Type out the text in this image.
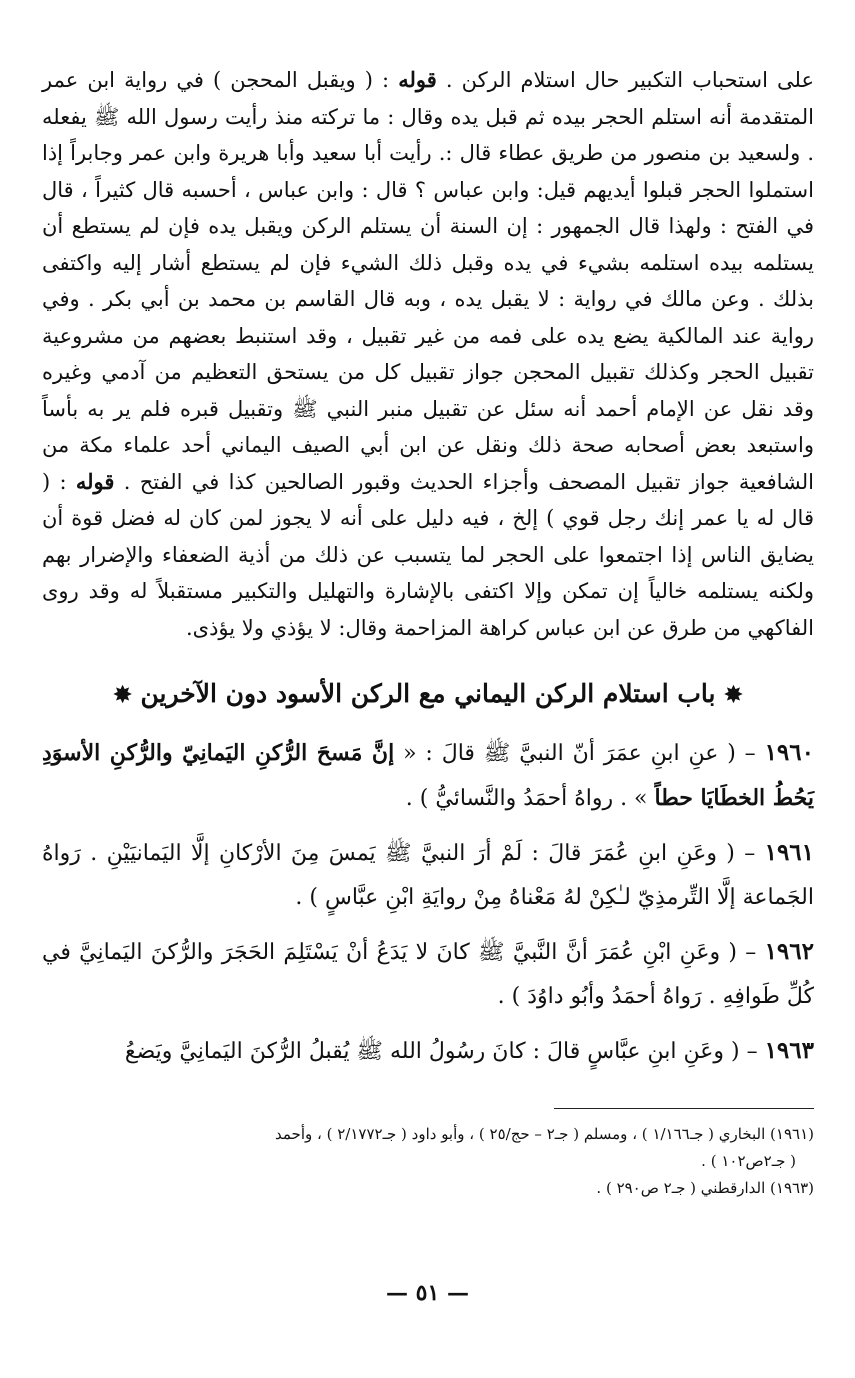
على استحباب التكبير حال استلام الركن . قوله : ( ويقبل المحجن ) في رواية ابن عمر المتقدمة أنه استلم الحجر بيده ثم قبل يده وقال : ما تركته منذ رأيت رسول الله ﷺ يفعله . ولسعيد بن منصور من طريق عطاء قال :. رأيت أبا سعيد وأبا هريرة وابن عمر وجابراً إذا استملوا الحجر قبلوا أيديهم قيل: وابن عباس ؟ قال : وابن عباس ، أحسبه قال كثيراً ، قال في الفتح : ولهذا قال الجمهور : إن السنة أن يستلم الركن ويقبل يده فإن لم يستطع أن يستلمه بيده استلمه بشيء في يده وقبل ذلك الشيء فإن لم يستطع أشار إليه واكتفى بذلك . وعن مالك في رواية : لا يقبل يده ، وبه قال القاسم بن محمد بن أبي بكر . وفي رواية عند المالكية يضع يده على فمه من غير تقبيل ، وقد استنبط بعضهم من مشروعية تقبيل الحجر وكذلك تقبيل المحجن جواز تقبيل كل من يستحق التعظيم من آدمي وغيره وقد نقل عن الإمام أحمد أنه سئل عن تقبيل منبر النبي ﷺ وتقبيل قبره فلم ير به بأساً واستبعد بعض أصحابه صحة ذلك ونقل عن ابن أبي الصيف اليماني أحد علماء مكة من الشافعية جواز تقبيل المصحف وأجزاء الحديث وقبور الصالحين كذا في الفتح . قوله : ( قال له يا عمر إنك رجل قوي ) إلخ ، فيه دليل على أنه لا يجوز لمن كان له فضل قوة أن يضايق الناس إذا اجتمعوا على الحجر لما يتسبب عن ذلك من أذية الضعفاء والإضرار بهم ولكنه يستلمه خالياً إن تمكن وإلا اكتفى بالإشارة والتهليل والتكبير مستقبلاً له وقد روى الفاكهي من طرق عن ابن عباس كراهة المزاحمة وقال: لا يؤذي ولا يؤذى.

✸ باب استلام الركن اليماني مع الركن الأسود دون الآخرين ✸

١٩٦٠ – ( عنِ ابنِ عمَرَ أنّ النبيَّ ﷺ قالَ : « إنَّ مَسحَ الرُّكنِ اليَمانِيّ والرُّكنِ الأسوَدِ يَحُطُ الخطَايَا حطاً » . رواهُ أحمَدُ والنَّسائيُّ ) .

١٩٦١ – ( وعَنِ ابنِ عُمَرَ قالَ : لَمْ أرَ النبيَّ ﷺ يَمسَ مِنَ الأرْكانِ إلَّا اليَمانيَيْنِ . رَواهُ الجَماعة إلَّا التِّرمذِيّ لـٰكِنْ لهُ مَعْناهُ مِنْ روايَةِ ابْنِ عبَّاسٍ ) .

١٩٦٢ – ( وعَنِ ابْنِ عُمَرَ أنَّ النَّبيَّ ﷺ كانَ لا يَدَعُ أنْ يَسْتَلِمَ الحَجَرَ والرُّكنَ اليَمانِيَّ في كُلِّ طَوافِهِ . رَواهُ أحمَدُ وأبُو داوُدَ ) .

١٩٦٣ – ( وعَنِ ابنِ عبَّاسٍ قالَ : كانَ رسُولُ الله ﷺ يُقبلُ الرُّكنَ اليَمانِيَّ ويَضعُ

(١٩٦١) البخاري ( جـ١/١٦٦ ) ، ومسلم ( جـ٢ – حج/٢٥ ) ، وأبو داود ( جـ٢/١٧٧٢ ) ، وأحمد

( جـ٢ص١٠٢ ) .

(١٩٦٣) الدارقطني ( جـ٢ ص٢٩٠ ) .

— ٥١ —
